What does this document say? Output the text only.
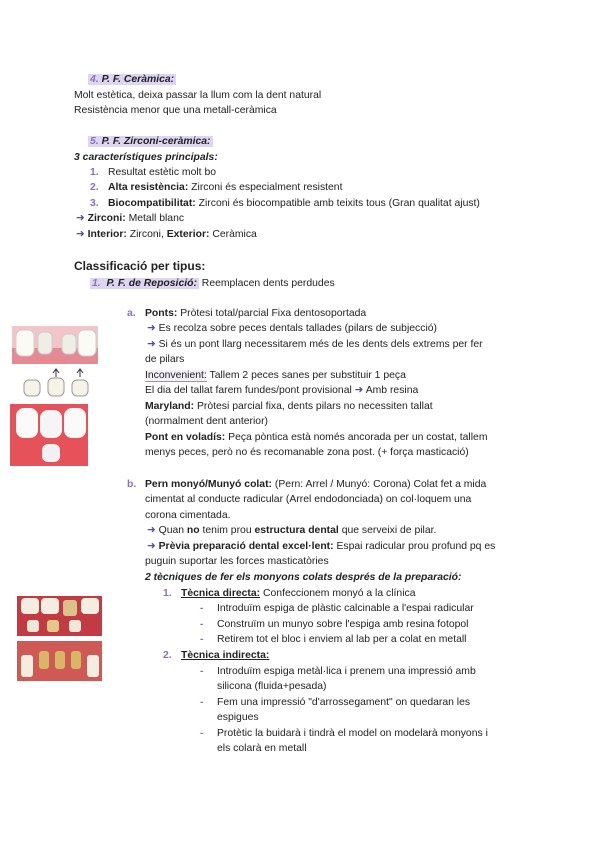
4. P. F. Ceràmica:
Molt estètica, deixa passar la llum com la dent natural
Resistència menor que una metall-ceràmica
5. P. F. Zirconi-ceràmica:
3 característiques principals:
1. Resultat estètic molt bo
2. Alta resistència: Zirconi és especialment resistent
3. Biocompatibilitat: Zirconi és biocompatible amb teixits tous (Gran qualitat ajust)
➜ Zirconi: Metall blanc
➜ Interior: Zirconi, Exterior: Ceràmica
Classificació per tipus:
1. P. F. de Reposició: Reemplacen dents perdudes
a. Ponts: Pròtesi total/parcial Fixa dentosoportada
➜ Es recolza sobre peces dentals tallades (pilars de subjecció)
➜ Si és un pont llarg necessitarem més de les dents dels extrems per fer
de pilars
Inconvenient: Tallem 2 peces sanes per substituir 1 peça
El dia del tallat farem fundes/pont provisional ➜ Amb resina
Maryland: Pròtesi parcial fixa, dents pilars no necessiten tallat
(normalment dent anterior)
Pont en voladís: Peça pòntica està només ancorada per un costat, tallem
menys peces, però no és recomanable zona post. (+ força masticació)
b. Pern monyó/Munyó colat: (Pern: Arrel / Munyó: Corona) Colat fet a mida
cimentat al conducte radicular (Arrel endodonciada) on col·loquem una
corona cimentada.
➜ Quan no tenim prou estructura dental que serveixi de pilar.
➜ Prèvia preparació dental excel·lent: Espai radicular prou profund pq es
puguin suportar les forces masticatòries
2 tècniques de fer els monyons colats després de la preparació:
1. Tècnica directa: Confeccionem monyó a la clínica
- Introduïm espiga de plàstic calcinable a l'espai radicular
- Construïm un munyo sobre l'espiga amb resina fotopol
- Retirem tot el bloc i enviem al lab per a colat en metall
2. Tècnica indirecta:
- Introduïm espiga metàl·lica i prenem una impressió amb
silicona (fluida+pesada)
- Fem una impressió "d'arrossegament" on quedaran les
espigues
- Protètic la buidarà i tindrà el model on modelarà monyons i
els colarà en metall
